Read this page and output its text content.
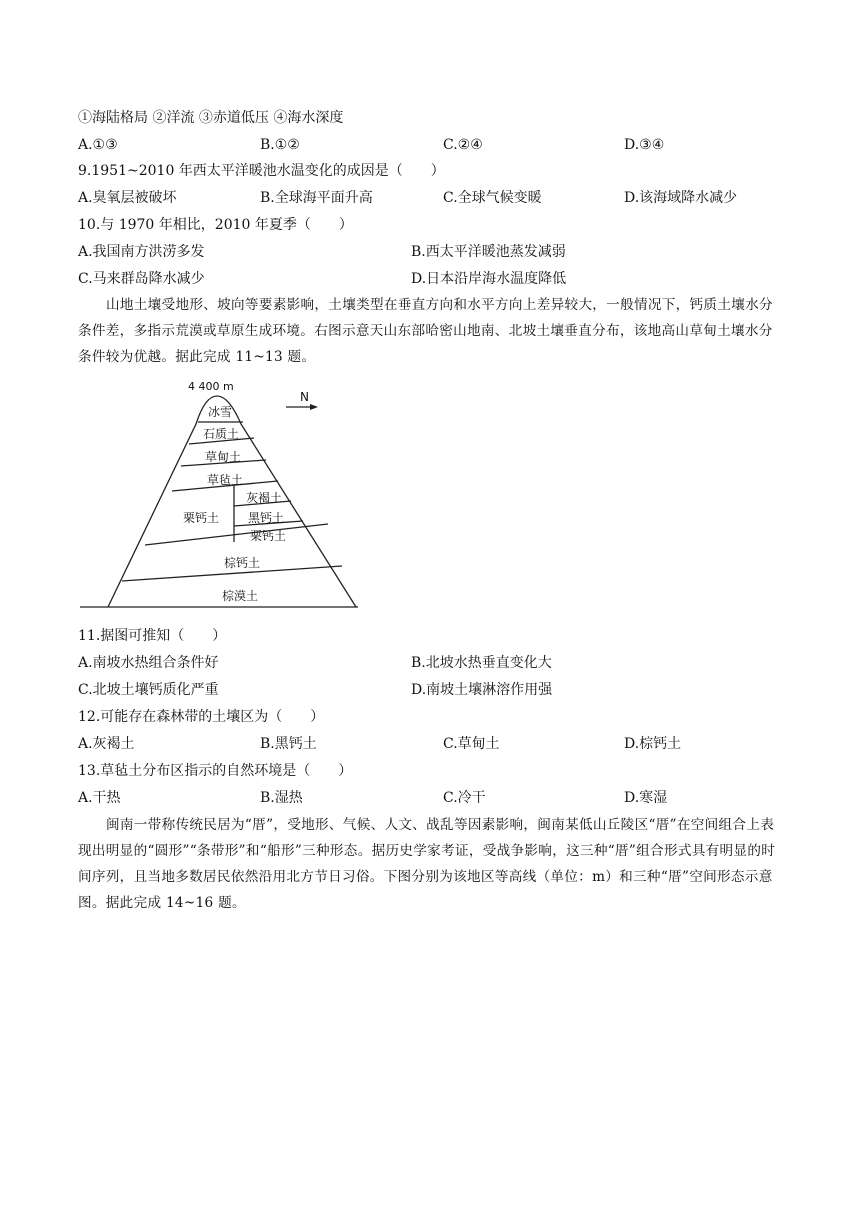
①海陆格局 ②洋流 ③赤道低压 ④海水深度
A.①③	B.①②	C.②④	D.③④
9.1951~2010 年西太平洋暖池水温变化的成因是（　　）
A.臭氧层被破坏	B.全球海平面升高	C.全球气候变暖	D.该海域降水减少
10.与 1970 年相比，2010 年夏季（　　）
A.我国南方洪涝多发	B.西太平洋暖池蒸发减弱
C.马来群岛降水减少	D.日本沿岸海水温度降低
山地土壤受地形、坡向等要素影响，土壤类型在垂直方向和水平方向上差异较大，一般情况下，钙质土壤水分条件差，多指示荒漠或草原生成环境。右图示意天山东部哈密山地南、北坡土壤垂直分布，该地高山草甸土壤水分条件较为优越。据此完成 11~13 题。
N
4 400 m
冰雪
石质土
草甸土
草毡土
栗钙土
灰褐土
黑钙土
栗钙土
棕钙土
棕漠土
11.据图可推知（　　）
A.南坡水热组合条件好	B.北坡水热垂直变化大
C.北坡土壤钙质化严重	D.南坡土壤淋溶作用强
12.可能存在森林带的土壤区为（　　）
A.灰褐土	B.黑钙土	C.草甸土	D.棕钙土
13.草毡土分布区指示的自然环境是（　　）
A.干热	B.湿热	C.冷干	D.寒湿
闽南一带称传统民居为“厝”，受地形、气候、人文、战乱等因素影响，闽南某低山丘陵区“厝”在空间组合上表现出明显的“圆形”“条带形”和“船形”三种形态。据历史学家考证，受战争影响，这三种“厝”组合形式具有明显的时间序列，且当地多数居民依然沿用北方节日习俗。下图分别为该地区等高线（单位：m）和三种“厝”空间形态示意图。据此完成 14~16 题。
